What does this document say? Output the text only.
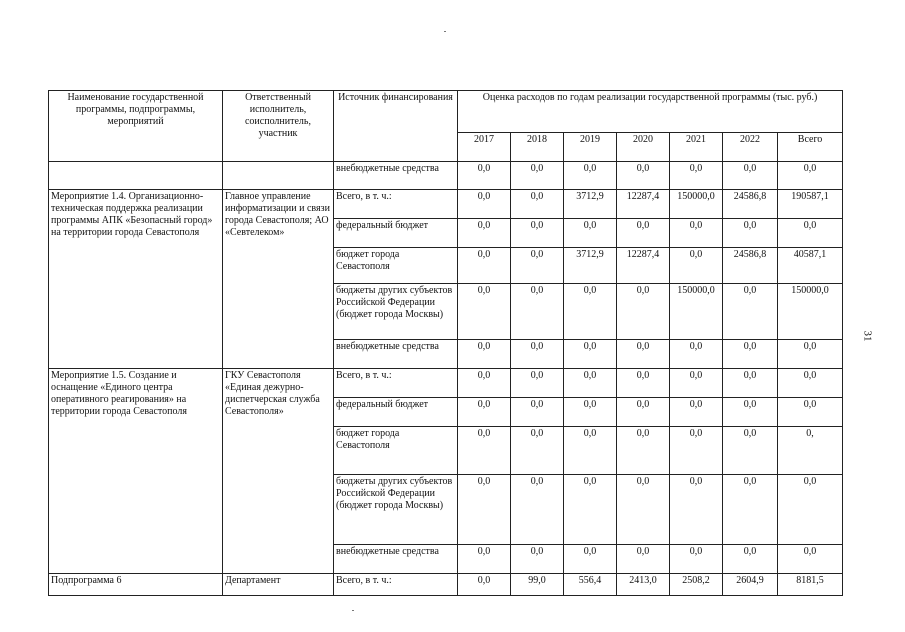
Наименование государственной программы, подпрограммы, мероприятий	Ответственный исполнитель, соисполнитель, участник	Источник финансирования	Оценка расходов по годам реализации государственной программы (тыс. руб.)						
			2017	2018	2019	2020	2021	2022	Всего
		внебюджетные средства	0,0	0,0	0,0	0,0	0,0	0,0	0,0
Мероприятие 1.4. Организационно-техническая поддержка реализации программы АПК «Безопасный город» на территории города Севастополя	Главное управление информатизации и связи города Севастополя; АО «Севтелеком»	Всего, в т. ч.:	0,0	0,0	3712,9	12287,4	150000,0	24586,8	190587,1
		федеральный бюджет	0,0	0,0	0,0	0,0	0,0	0,0	0,0
		бюджет города Севастополя	0,0	0,0	3712,9	12287,4	0,0	24586,8	40587,1
		бюджеты других субъектов Российской Федерации (бюджет города Москвы)	0,0	0,0	0,0	0,0	150000,0	0,0	150000,0
		внебюджетные средства	0,0	0,0	0,0	0,0	0,0	0,0	0,0
Мероприятие 1.5. Создание и оснащение «Единого центра оперативного реагирования» на территории города Севастополя	ГКУ Севастополя «Единая дежурно-диспетчерская служба Севастополя»	Всего, в т. ч.:	0,0	0,0	0,0	0,0	0,0	0,0	0,0
		федеральный бюджет	0,0	0,0	0,0	0,0	0,0	0,0	0,0
		бюджет города Севастополя	0,0	0,0	0,0	0,0	0,0	0,0	0,
		бюджеты других субъектов Российской Федерации (бюджет города Москвы)	0,0	0,0	0,0	0,0	0,0	0,0	0,0
		внебюджетные средства	0,0	0,0	0,0	0,0	0,0	0,0	0,0
Подпрограмма 6	Департамент	Всего, в т. ч.:	0,0	99,0	556,4	2413,0	2508,2	2604,9	8181,5
31
